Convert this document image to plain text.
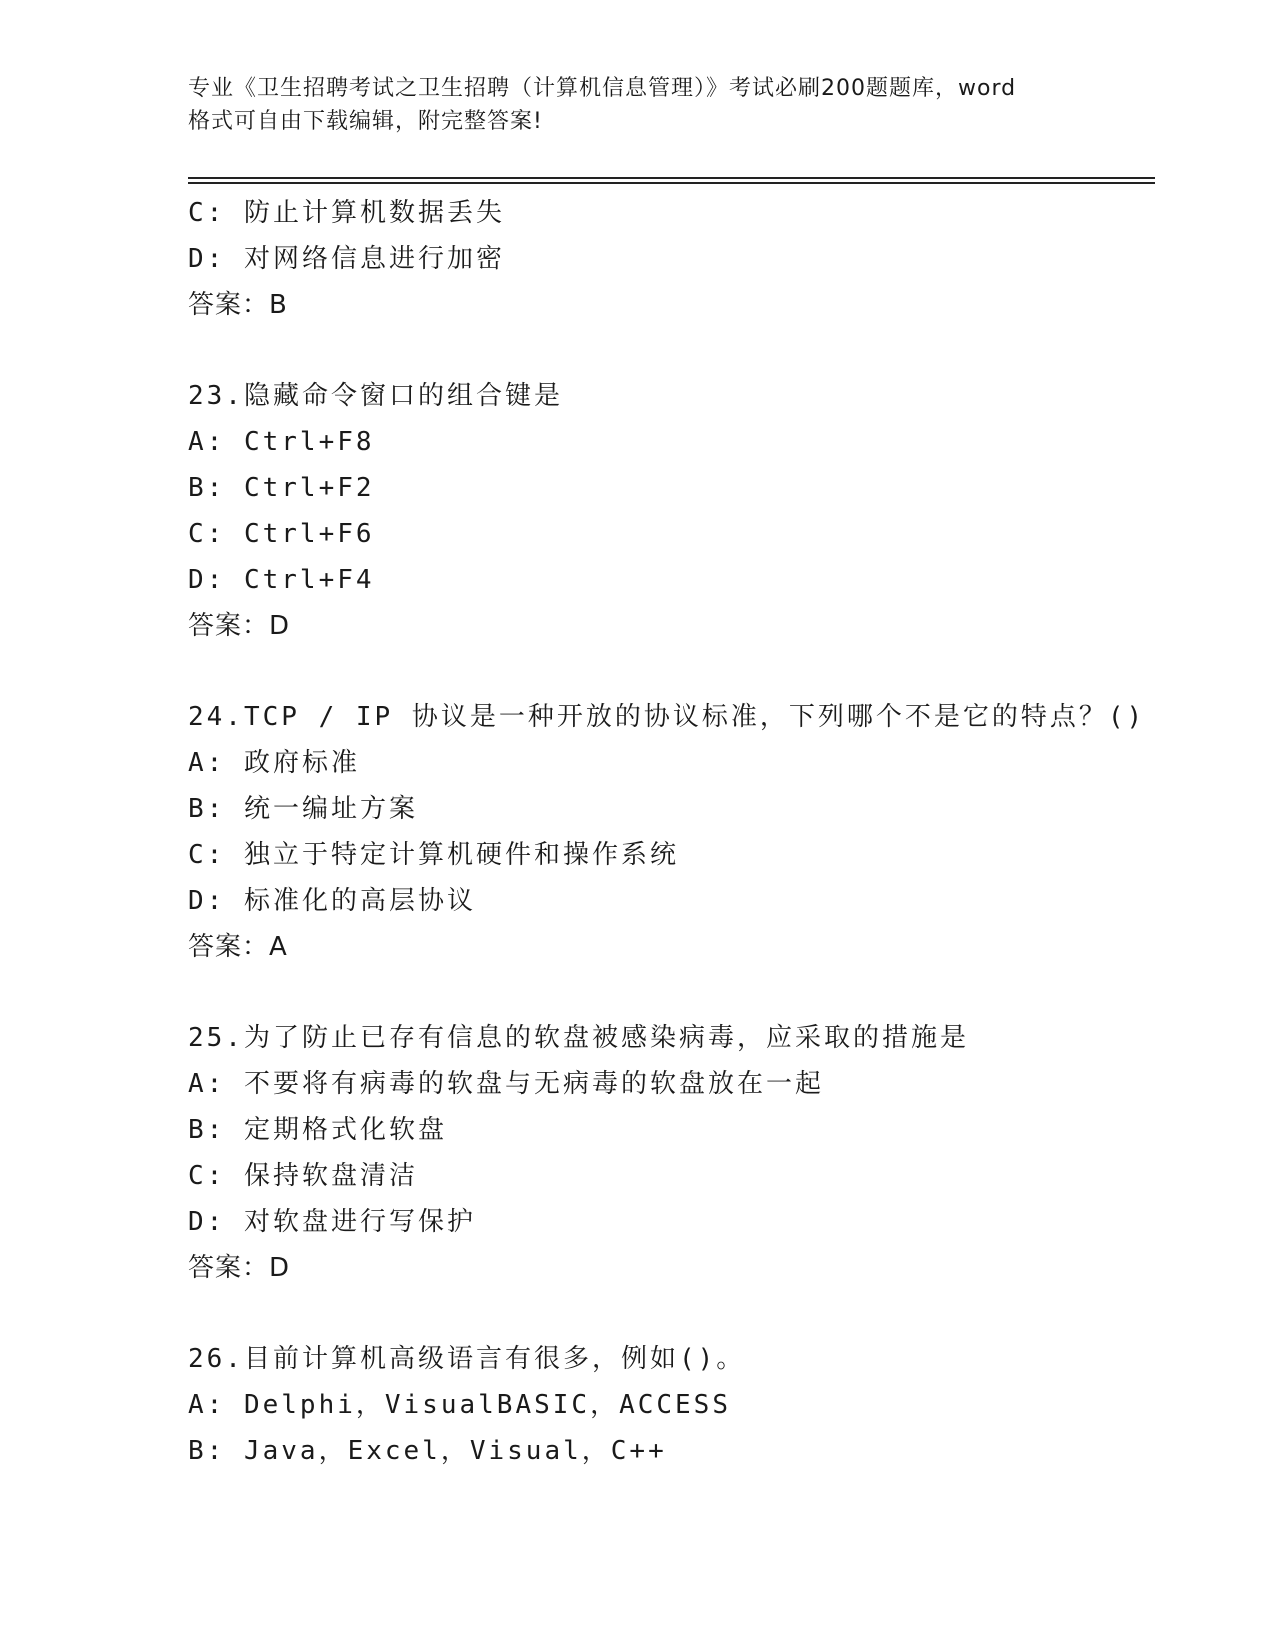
专业《卫生招聘考试之卫生招聘（计算机信息管理）》考试必刷200题题库，word
格式可自由下载编辑，附完整答案!
C: 防止计算机数据丢失
D: 对网络信息进行加密
答案：B
23.隐藏命令窗口的组合键是
A: Ctrl+F8
B: Ctrl+F2
C: Ctrl+F6
D: Ctrl+F4
答案：D
24.TCP / IP 协议是一种开放的协议标准，下列哪个不是它的特点？()
A: 政府标准
B: 统一编址方案
C: 独立于特定计算机硬件和操作系统
D: 标准化的高层协议
答案：A
25.为了防止已存有信息的软盘被感染病毒，应采取的措施是
A: 不要将有病毒的软盘与无病毒的软盘放在一起
B: 定期格式化软盘
C: 保持软盘清洁
D: 对软盘进行写保护
答案：D
26.目前计算机高级语言有很多，例如()。
A: Delphi，VisualBASIC，ACCESS
B: Java，Excel，Visual，C++
